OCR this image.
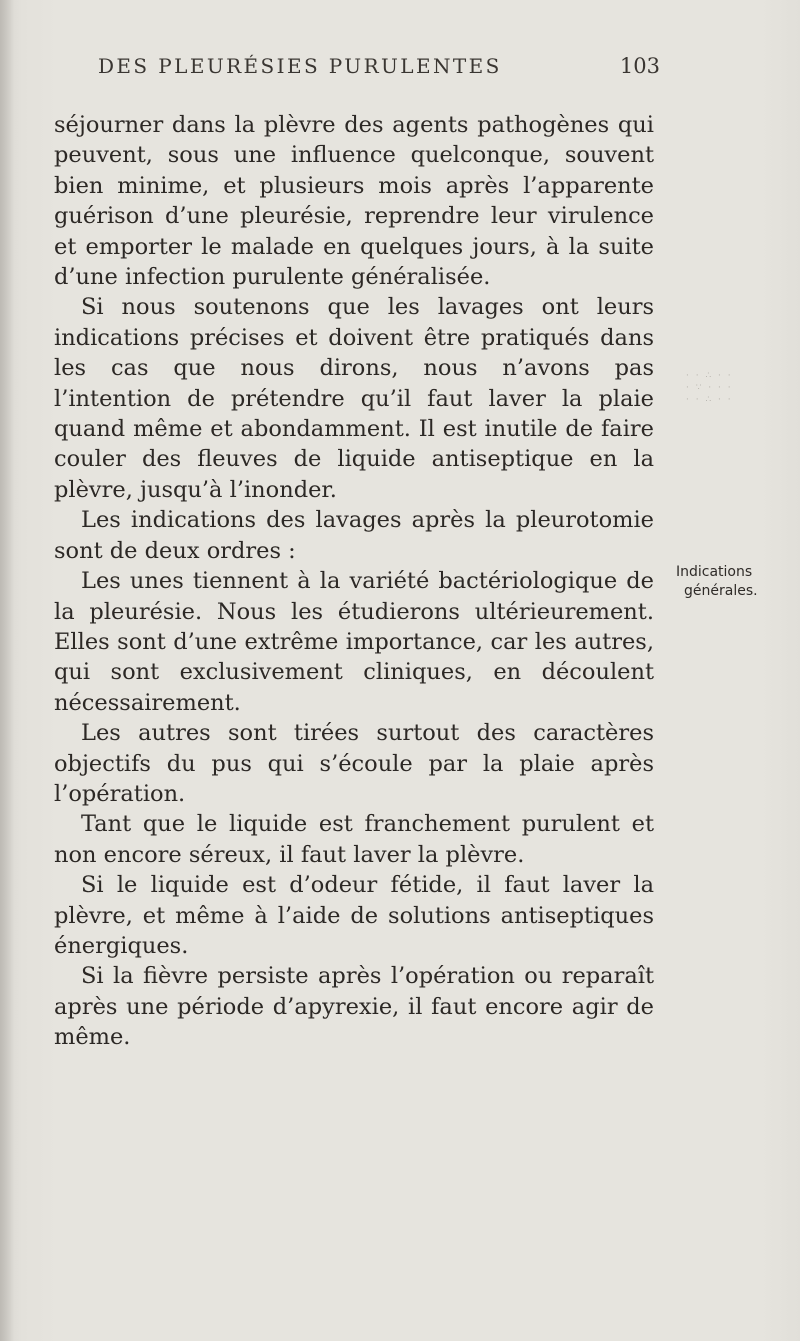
DES PLEURÉSIES PURULENTES	103

séjourner dans la plèvre des agents pathogènes qui peuvent, sous une influence quelconque, souvent bien minime, et plusieurs mois après l’apparente guérison d’une pleurésie, reprendre leur virulence et emporter le malade en quelques jours, à la suite d’une infection purulente généralisée.

Si nous soutenons que les lavages ont leurs indications précises et doivent être pratiqués dans les cas que nous dirons, nous n’avons pas l’intention de prétendre qu’il faut laver la plaie quand même et abondamment. Il est inutile de faire couler des fleuves de liquide antiseptique en la plèvre, jusqu’à l’inonder.

Les indications des lavages après la pleurotomie sont de deux ordres :

Les unes tiennent à la variété bactériologique de la pleurésie. Nous les étudierons ultérieurement. Elles sont d’une extrême importance, car les autres, qui sont exclusivement cliniques, en découlent nécessairement.

Les autres sont tirées surtout des caractères objectifs du pus qui s’écoule par la plaie après l’opération.

Tant que le liquide est franchement purulent et non encore séreux, il faut laver la plèvre.

Si le liquide est d’odeur fétide, il faut laver la plèvre, et même à l’aide de solutions antiseptiques énergiques.

Si la fièvre persiste après l’opération ou reparaît après une période d’apyrexie, il faut encore agir de même.

· · ∴ · ·
· ∵ · · ·
· · ∴ · ·
Indications
générales.
